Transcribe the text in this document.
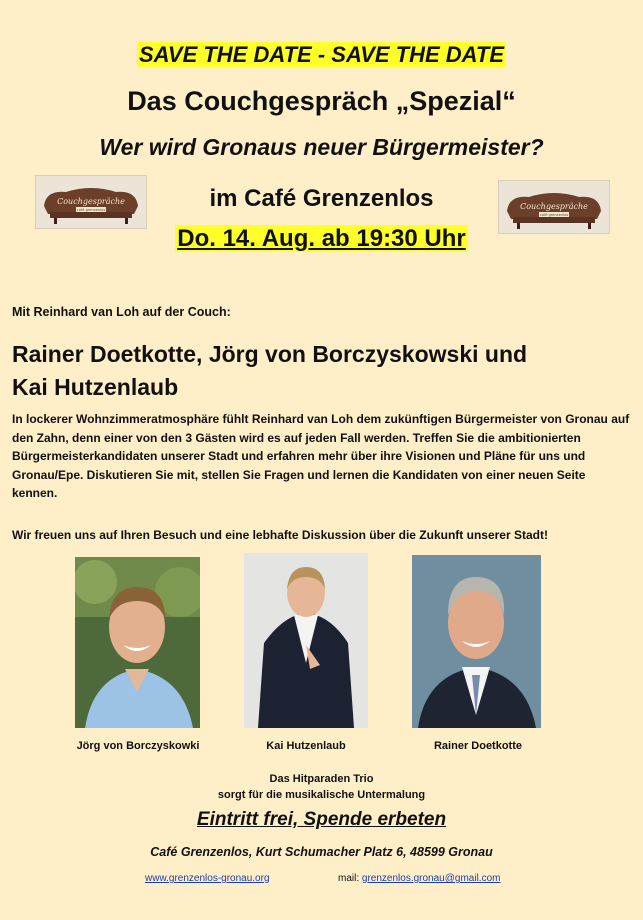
SAVE THE DATE - SAVE THE DATE
Das Couchgespräch „Spezial“
Wer wird Gronaus neuer Bürgermeister?
Couchgespräche
café grenzenlos	Couchgespräche
café grenzenlos
im Café Grenzenlos
Do. 14. Aug. ab 19:30 Uhr
Mit Reinhard van Loh auf der Couch:
Rainer Doetkotte, Jörg von Borczyskowski und
Kai Hutzenlaub
In lockerer Wohnzimmeratmosphäre fühlt Reinhard van Loh dem zukünftigen Bürgermeister von Gronau auf den Zahn, denn einer von den 3 Gästen wird es auf jeden Fall werden. Treffen Sie die ambitionierten Bürgermeisterkandidaten unserer Stadt und erfahren mehr über ihre Visionen und Pläne für uns und Gronau/Epe. Diskutieren Sie mit, stellen Sie Fragen und lernen die Kandidaten von einer neuen Seite kennen.
Wir freuen uns auf Ihren Besuch und eine lebhafte Diskussion über die Zukunft unserer Stadt!
Jörg von Borczyskowki	Kai Hutzenlaub	Rainer Doetkotte
Das Hitparaden Trio
sorgt für die musikalische Untermalung
Eintritt frei, Spende erbeten
Café Grenzenlos, Kurt Schumacher Platz 6, 48599 Gronau
www.grenzenlos-gronau.org	mail: grenzenlos.gronau@gmail.com
